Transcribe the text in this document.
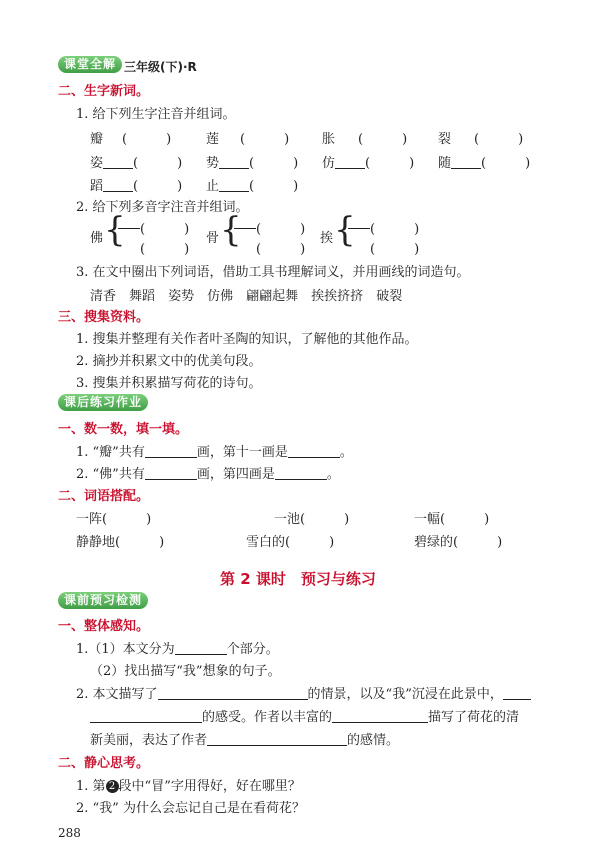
课堂全解 三年级(下)·R
二、生字新词。
1. 给下列生字注音并组词。
瓣 (　　　)	莲 (　　　)	胀 (　　　) 裂 (　　　)
姿 (　　　) 势 (　　　) 仿 (　　　) 随 (　　　)
蹈 (　　　) 止 (　　　)
2. 给下列多音字注音并组词。
佛 {	(　　　)
(　　　)
骨 {	(　　　)
(　　　)
挨 {	(　　　)
(　　　)
3. 在文中圈出下列词语，借助工具书理解词义，并用画线的词造句。
清香　 舞蹈　 姿势　 仿佛　 翩翩起舞　 挨挨挤挤　 破裂
三、搜集资料。
1. 搜集并整理有关作者叶圣陶的知识，了解他的其他作品。
2. 摘抄并积累文中的优美句段。
3. 搜集并积累描写荷花的诗句。
课后练习作业
一、数一数，填一填。
1. “瓣”共有	画，第十一画是	。
2. “佛”共有	画，第四画是	。
二、词语搭配。
一阵(　　　)	一池(　　　)	一幅(　　　)
静静地(　　　)	雪白的(　　　)	碧绿的(　　　)
第 2 课时　预习与练习
课前预习检测
一、整体感知。
1.（1）本文分为	个部分。
（2）找出描写“我”想象的句子。
2. 本文描写了	的情景，以及“我”沉浸在此景中，
的感受。作者以丰富的	描写了荷花的清
新美丽，表达了作者	的感情。
二、静心思考。
1. 第 2 段中“冒”字用得好，好在哪里？
2. “我” 为什么会忘记自己是在看荷花？
288
